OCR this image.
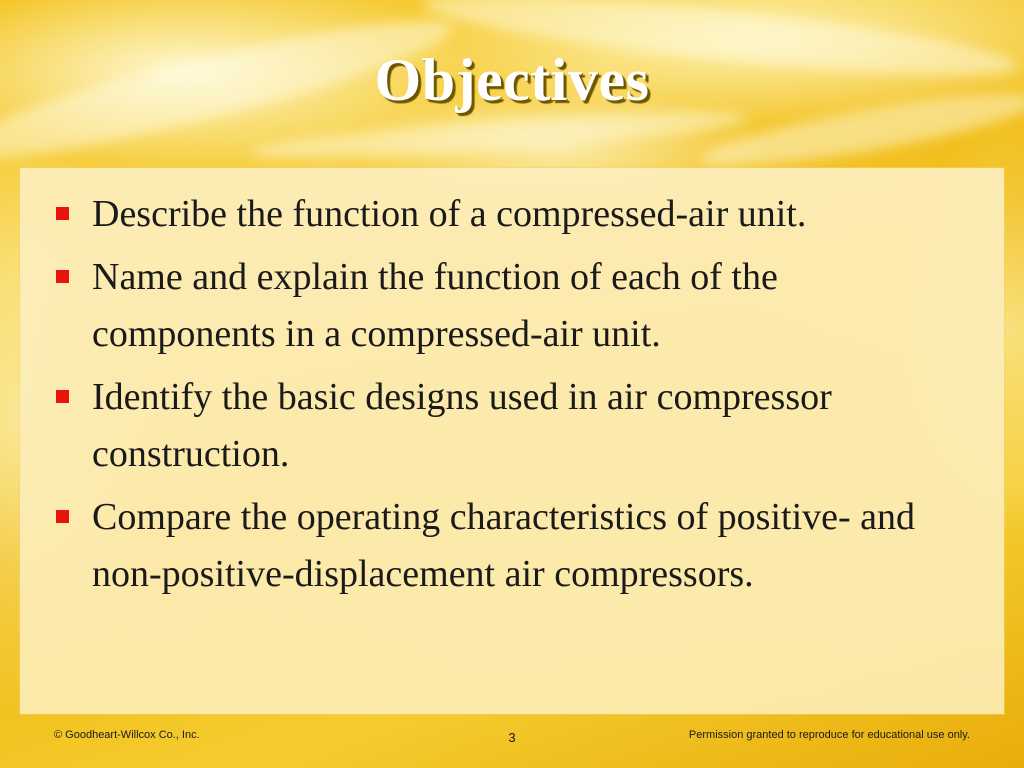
Objectives
Describe the function of a compressed-air unit.
Name and explain the function of each of the components in a compressed-air unit.
Identify the basic designs used in air compressor construction.
Compare the operating characteristics of positive- and non-positive-displacement air compressors.
© Goodheart-Willcox Co., Inc.	3	Permission granted to reproduce for educational use only.
